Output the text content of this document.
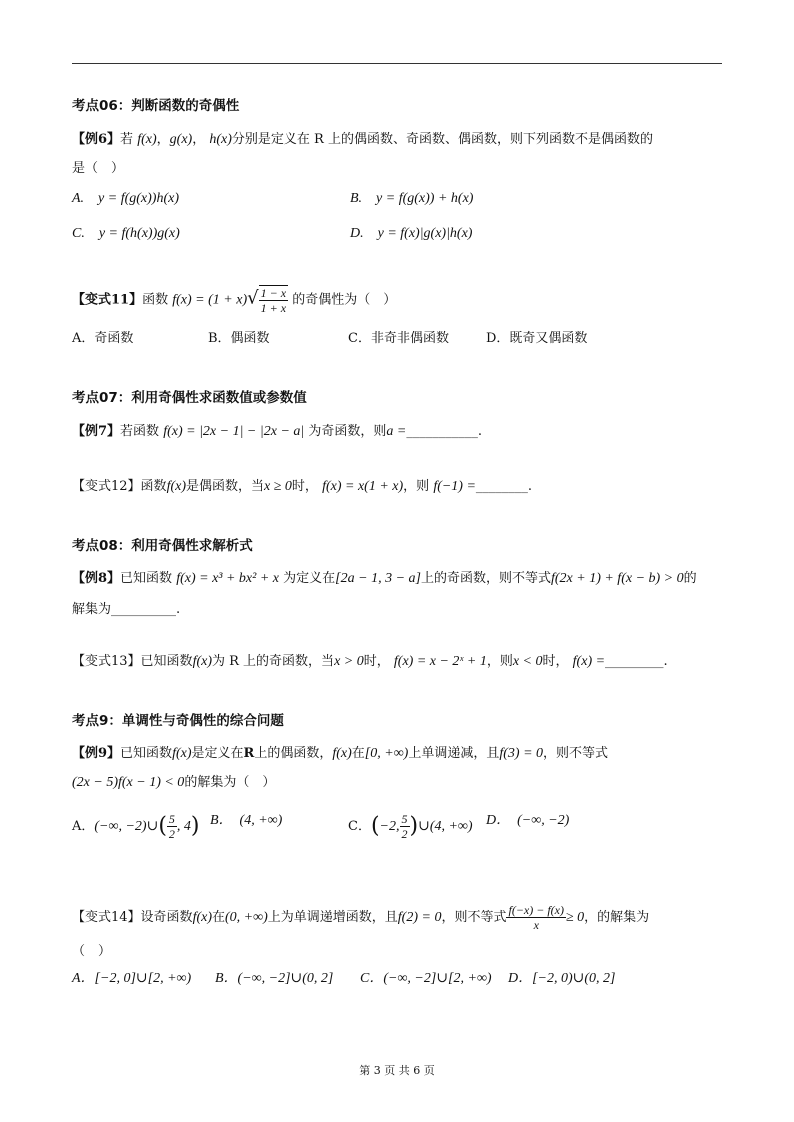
考点06：判断函数的奇偶性
【例6】若 f(x)，g(x)， h(x)分别是定义在 R 上的偶函数、奇函数、偶函数，则下列函数不是偶函数的
是（　）
A.　y = f(g(x))h(x)	B.　y = f(g(x)) + h(x)
C.　y = f(h(x))g(x)	D.　y = f(x)|g(x)|h(x)
【变式11】函数 $f(x) = (1 + x)√ \frac{1 - x}{1 + x}$ 的奇偶性为（　）
A．奇函数	B．偶函数	C．非奇非偶函数	D．既奇又偶函数
考点07：利用奇偶性求函数值或参数值
【例7】若函数 f(x) = |2x − 1| − |2x − a| 为奇函数，则a =___________.
【变式12】函数f(x)是偶函数，当x ≥ 0时， f(x) = x(1 + x)，则 f(−1) =________.
考点08：利用奇偶性求解析式
【例8】已知函数 f(x) = x³ + bx² + x 为定义在[2a − 1, 3 − a]上的奇函数，则不等式f(2x + 1) + f(x − b) > 0的
解集为__________.
【变式13】已知函数f(x)为 R 上的奇函数，当x > 0时， f(x) = x − 2ˣ + 1，则x < 0时， f(x) =_________.
考点9：单调性与奇偶性的综合问题
【例9】已知函数f(x)是定义在R上的偶函数，f(x)在[0, +∞)上单调递减，且f(3) = 0，则不等式
(2x − 5)f(x − 1) < 0的解集为（　）
A．(−∞, −2)∪( $\frac{5}{2}$ , 4) B．　(4, +∞)	C．(−2, $\frac{5}{2}$ )∪(4, +∞) D．　(−∞, −2)
【变式14】设奇函数f(x)在(0, +∞)上为单调递增函数，且f(2) = 0，则不等式 $\frac{f(-x) - f(x)}{x} \ge 0$，的解集为
（　）
A．[−2, 0]∪[2, +∞) B．(−∞, −2]∪(0, 2] C．(−∞, −2]∪[2, +∞) D．[−2, 0)∪(0, 2]
第 3 页 共 6 页
